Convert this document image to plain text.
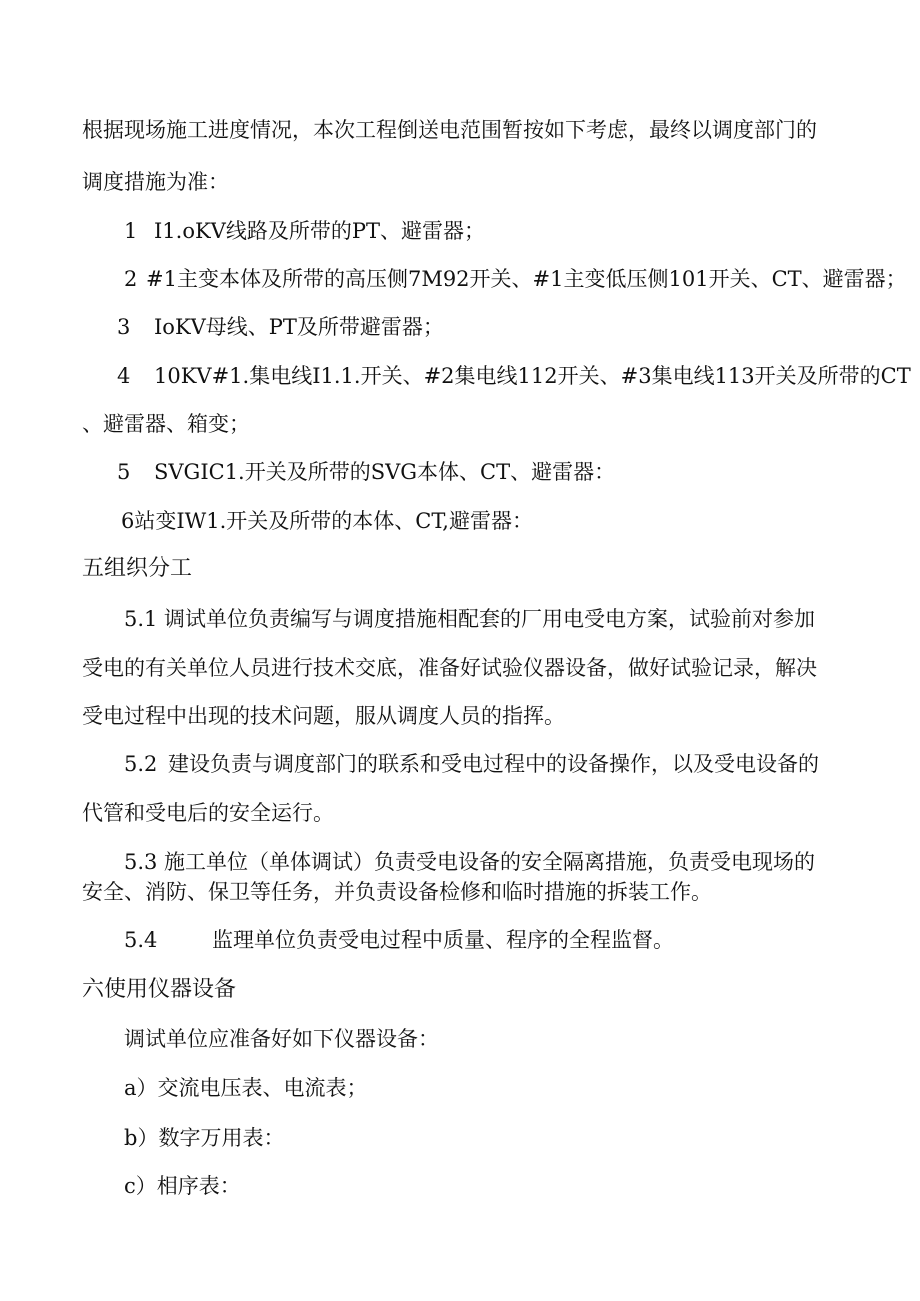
根据现场施工进度情况，本次工程倒送电范围暂按如下考虑，最终以调度部门的
调度措施为准：
1 I1.oKV线路及所带的PT、避雷器；
2 #1主变本体及所带的高压侧7M92开关、#1主变低压侧101开关、CT、避雷器；
3 IoKV母线、PT及所带避雷器；
4 10KV#1.集电线I1.1.开关、#2集电线112开关、#3集电线113开关及所带的CT
、避雷器、箱变；
5 SVGIC1.开关及所带的SVG本体、CT、避雷器：
6站变IW1.开关及所带的本体、CT,避雷器：
五组织分工
5.1 调试单位负责编写与调度措施相配套的厂用电受电方案，试验前对参加
受电的有关单位人员进行技术交底，准备好试验仪器设备，做好试验记录，解决
受电过程中出现的技术问题，服从调度人员的指挥。
5.2 建设负责与调度部门的联系和受电过程中的设备操作，以及受电设备的
代管和受电后的安全运行。
5.3 施工单位（单体调试）负责受电设备的安全隔离措施，负责受电现场的
安全、消防、保卫等任务，并负责设备检修和临时措施的拆装工作。
5.4	监理单位负责受电过程中质量、程序的全程监督。
六使用仪器设备
调试单位应准备好如下仪器设备：
a）交流电压表、电流表；
b）数字万用表：
c）相序表：
